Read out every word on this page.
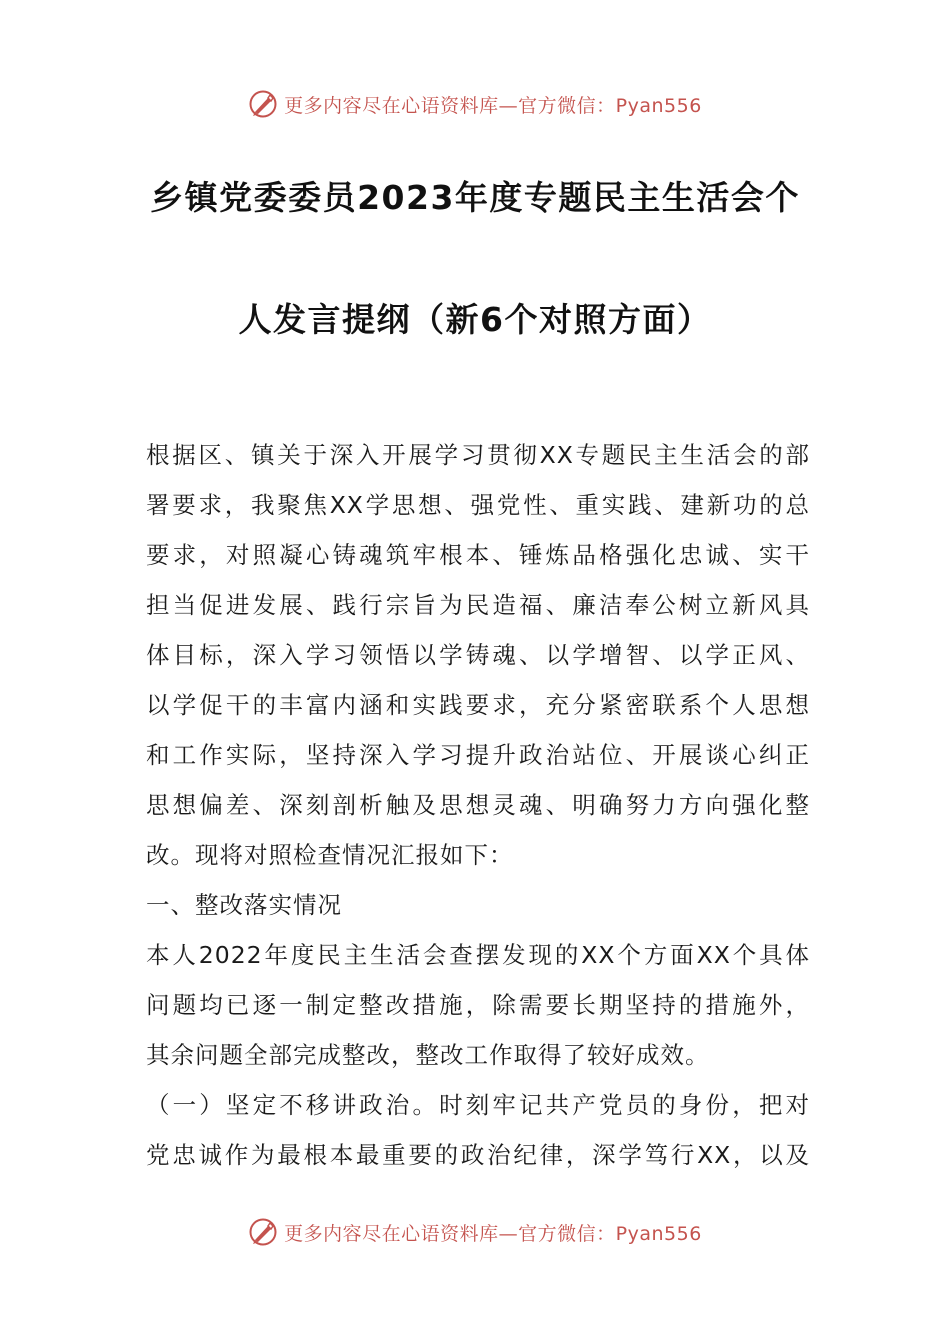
更多内容尽在心语资料库—官方微信：Pyan556
乡镇党委委员2023年度专题民主生活会个
人发言提纲（新6个对照方面）
根据区、镇关于深入开展学习贯彻XX专题民主生活会的部
署要求，我聚焦XX学思想、强党性、重实践、建新功的总
要求，对照凝心铸魂筑牢根本、锤炼品格强化忠诚、实干
担当促进发展、践行宗旨为民造福、廉洁奉公树立新风具
体目标，深入学习领悟以学铸魂、以学增智、以学正风、
以学促干的丰富内涵和实践要求，充分紧密联系个人思想
和工作实际，坚持深入学习提升政治站位、开展谈心纠正
思想偏差、深刻剖析触及思想灵魂、明确努力方向强化整
改。现将对照检查情况汇报如下：
一、整改落实情况
本人2022年度民主生活会查摆发现的XX个方面XX个具体
问题均已逐一制定整改措施，除需要长期坚持的措施外，
其余问题全部完成整改，整改工作取得了较好成效。
（一）坚定不移讲政治。时刻牢记共产党员的身份，把对
党忠诚作为最根本最重要的政治纪律，深学笃行XX，以及
更多内容尽在心语资料库—官方微信：Pyan556
